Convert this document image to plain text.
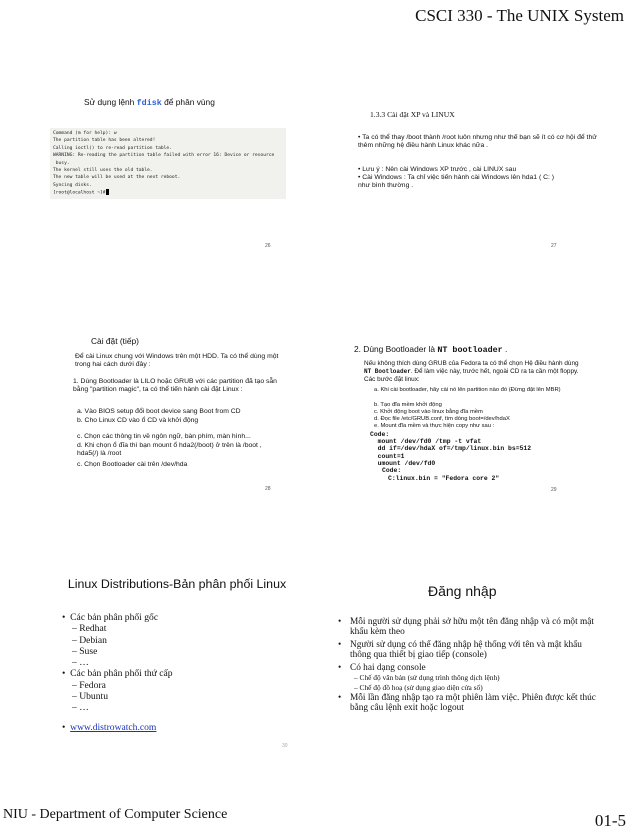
CSCI 330 - The UNIX System
Sử dụng lệnh fdisk để phân vùng
26
Command (m for help): w
The partition table has been altered!
Calling ioctl() to re-read partition table.
WARNING: Re-reading the partition table failed with error 16: Device or resource
busy.
The kernel still uses the old table.
The new table will be used at the next reboot.
Syncing disks.
[root@localhost ~]#
1.3.3 Cài đặt XP và LINUX
• Ta có thể thay /boot thành /root luôn nhưng như thế bạn sẽ ít có cơ hội để thử thêm những hệ điều hành Linux khác nữa .
• Lưu ý : Nên cài Windows XP trước , cài LINUX sau
• Cài Windows : Ta chỉ việc tiến hành cài Windows lên hda1 ( C: ) như bình thường .
27
Cài đặt (tiếp)
Để cài Linux chung với Windows trên một HDD. Ta có thể dùng một trong hai cách dưới đây :
1. Dùng Bootloader là LILO hoặc GRUB với các partition đã tạo sẵn bằng "partition magic", ta có thể tiến hành cài đặt Linux :
a. Vào BIOS setup đổi boot device sang Boot from CD
b. Cho Linux CD vào ổ CD và khởi động
c. Chọn các thông tin về ngôn ngữ, bàn phím, màn hình...
d. Khi chọn ổ đĩa thì bạn mount ổ hda2(/boot) ở trên là /boot , hda5(/) là /root
c. Chọn Bootloader cài trên /dev/hda
28
2. Dùng Bootloader là NT bootloader .
Nếu không thích dùng GRUB của Fedora ta có thể chọn Hệ điều hành dùng NT Bootloader. Để làm việc này, trước hết, ngoài CD ra ta cần một floppy. Các bước đặt linux:
a. Khi cài bootloader, hãy cài nó lên partition nào đó (Đừng đặt lên MBR)
b. Tạo đĩa mềm khởi động
c. Khởi động boot vào linux bằng đĩa mềm
d. Đọc file /etc/GRUB.conf, tìm dòng boot=/dev/hdaX
e. Mount đĩa mềm và thực hiện copy như sau :
Code:
mount /dev/fd0 /tmp -t vfat
dd if=/dev/hdaX of=/tmp/linux.bin bs=512
count=1
umount /dev/fd0
Code:
C:linux.bin = "Fedora core 2"
29
Linux Distributions-Bản phân phối Linux
•  Các bản phân phối gốc
– Redhat
– Debian
– Suse
– …
•  Các bản phân phối thứ cấp
– Fedora
– Ubuntu
– …
•  www.distrowatch.com
30
Đăng nhập
• Mỗi người sử dụng phải sở hữu một tên đăng nhập và có một mật khẩu kèm theo
• Người sử dụng có thể đăng nhập hệ thống với tên và mật khẩu thông qua thiết bị giao tiếp (console)
• Có hai dạng console
– Chế độ văn bản (sử dụng trình thông dịch lệnh)
– Chế độ đồ hoạ (sử dụng giao diện cửa sổ)
• Mỗi lần đăng nhập tạo ra một phiên làm việc. Phiên được kết thúc bằng câu lệnh exit hoặc logout
NIU - Department of Computer Science	01-5
